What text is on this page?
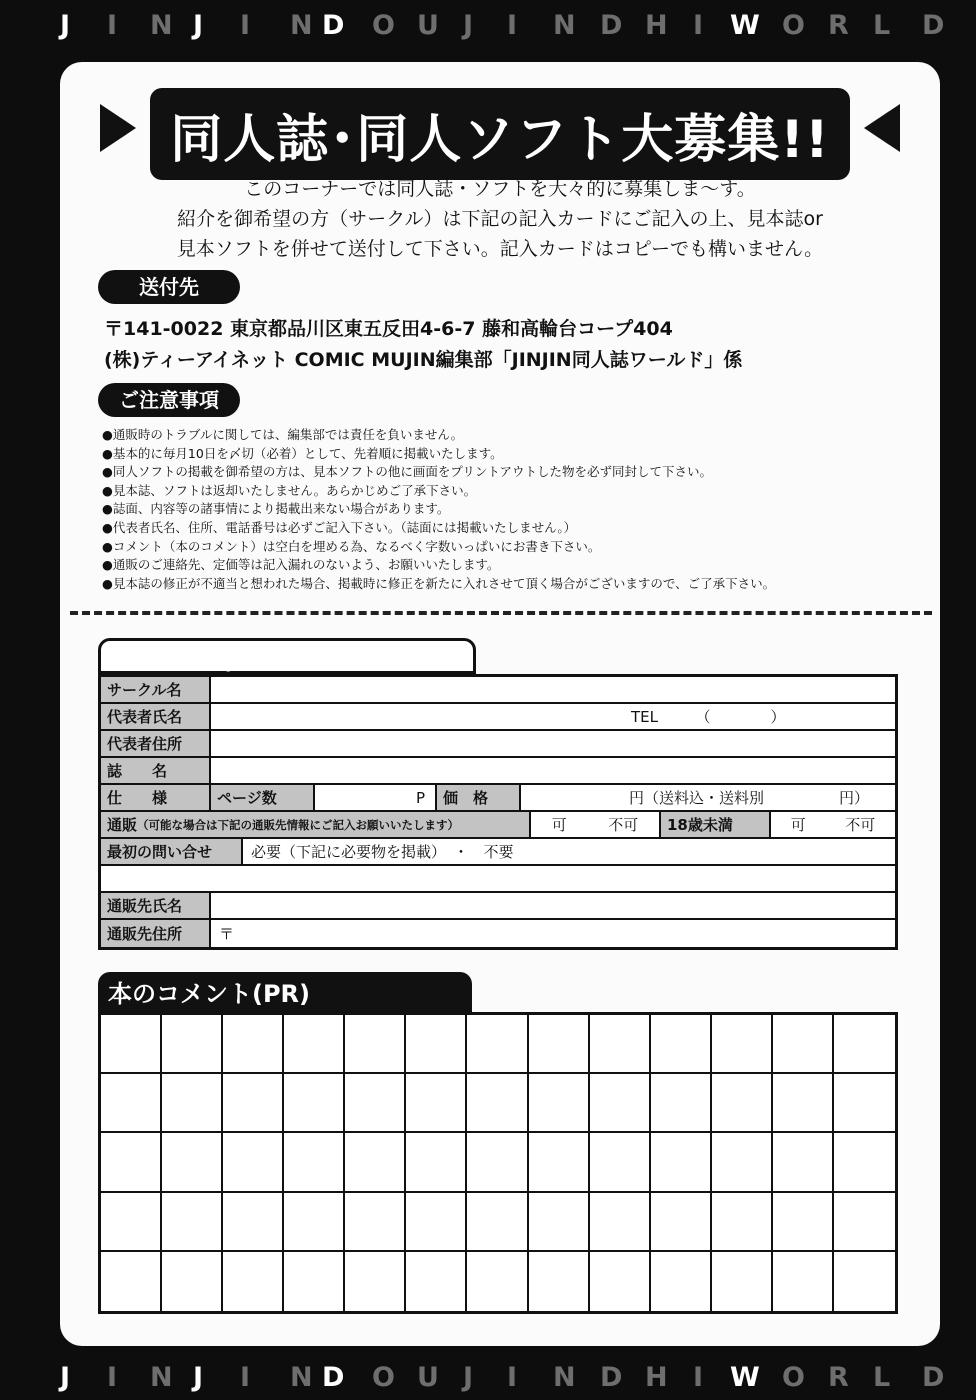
J I N J I N D O U J I N D H I W O R L D
J I N J I N D O U J I N D H I W O R L D
同人誌･同人ソフト大募集!!
このコーナーでは同人誌・ソフトを大々的に募集しま～す。
紹介を御希望の方（サークル）は下記の記入カードにご記入の上、見本誌or
見本ソフトを併せて送付して下さい。記入カードはコピーでも構いません。
送付先
〒141-0022 東京都品川区東五反田4-6-7 藤和高輪台コープ404
(株)ティーアイネット COMIC MUJIN編集部「JINJIN同人誌ワールド」係
ご注意事項
●通販時のトラブルに関しては、編集部では責任を負いません。
●基本的に毎月10日を〆切（必着）として、先着順に掲載いたします。
●同人ソフトの掲載を御希望の方は、見本ソフトの他に画面をプリントアウトした物を必ず同封して下さい。
●見本誌、ソフトは返却いたしません。あらかじめご了承下さい。
●誌面、内容等の諸事情により掲載出来ない場合があります。
●代表者氏名、住所、電話番号は必ずご記入下さい。（誌面には掲載いたしません。）
●コメント（本のコメント）は空白を埋める為、なるべく字数いっぱいにお書き下さい。
●通販のご連絡先、定価等は記入漏れのないよう、お願いいたします。
●見本誌の修正が不適当と想われた場合、掲載時に修正を新たに入れさせて頂く場合がございますので、ご了承下さい。
COMIC MUJIN同人誌掲載カード
サークル名
代表者氏名	TEL　　　（　　　　）
代表者住所
誌　　名
仕　　様	ページ数	P	価　格	円（送料込・送料別　　　　　円）
通販 （可能な場合は下記の通販先情報にご記入お願いいたします）	可	不可	18歳未満	可	不可
最初の問い合せ	必要（下記に必要物を掲載）　・　不要
通販先氏名
通販先住所	〒
本のコメント(PR)
